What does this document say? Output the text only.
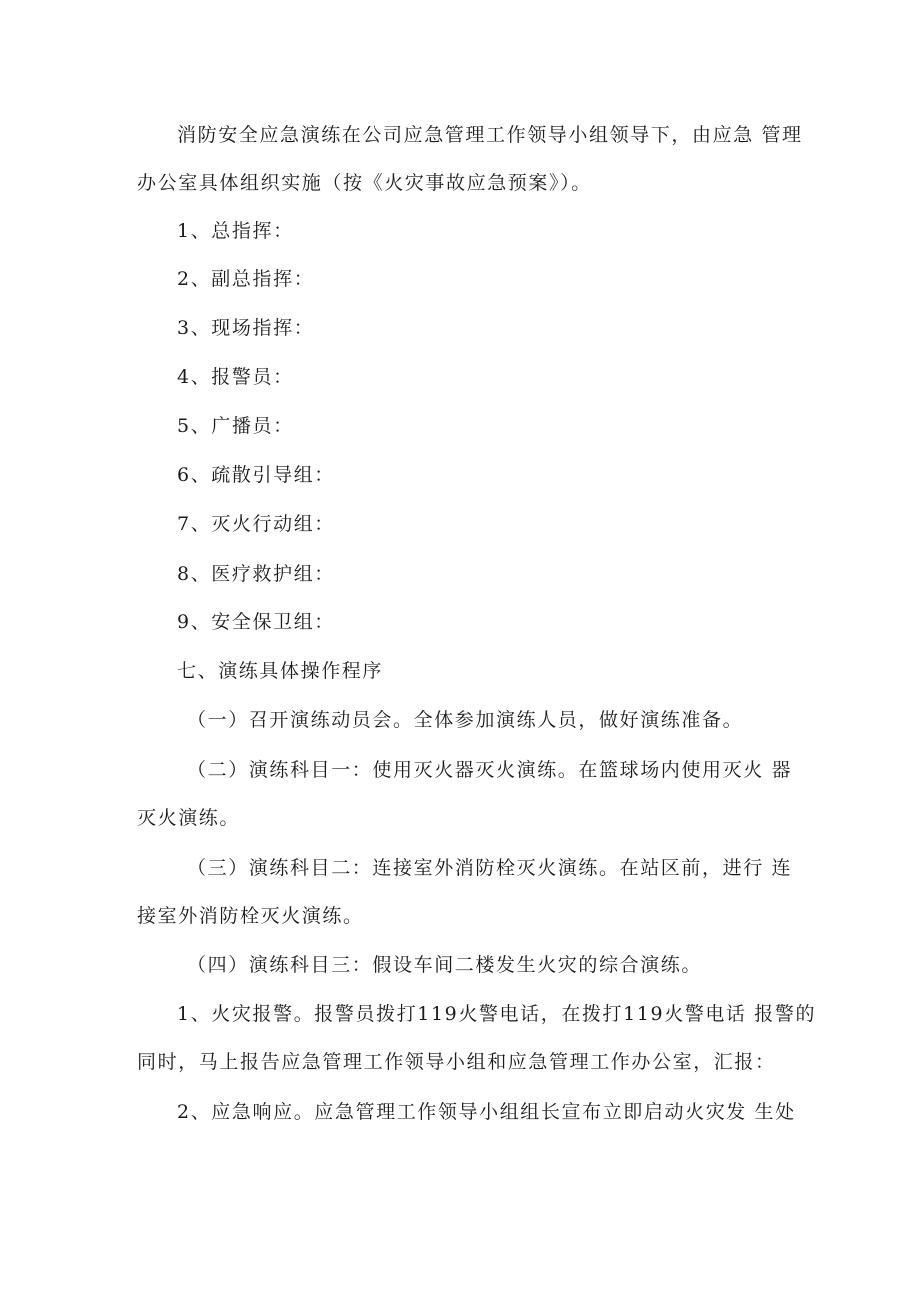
消防安全应急演练在公司应急管理工作领导小组领导下，由应急 管理
办公室具体组织实施（按《火灾事故应急预案》）。
1、总指挥：
2、副总指挥：
3、现场指挥：
4、报警员：
5、广播员：
6、疏散引导组：
7、灭火行动组：
8、医疗救护组：
9、安全保卫组：
七、演练具体操作程序
（一）召开演练动员会。全体参加演练人员，做好演练准备。
（二）演练科目一：使用灭火器灭火演练。在篮球场内使用灭火 器
灭火演练。
（三）演练科目二：连接室外消防栓灭火演练。在站区前，进行 连
接室外消防栓灭火演练。
（四）演练科目三：假设车间二楼发生火灾的综合演练。
1、火灾报警。报警员拨打119火警电话，在拨打119火警电话 报警的
同时，马上报告应急管理工作领导小组和应急管理工作办公室，汇报：
2、应急响应。应急管理工作领导小组组长宣布立即启动火灾发 生处
